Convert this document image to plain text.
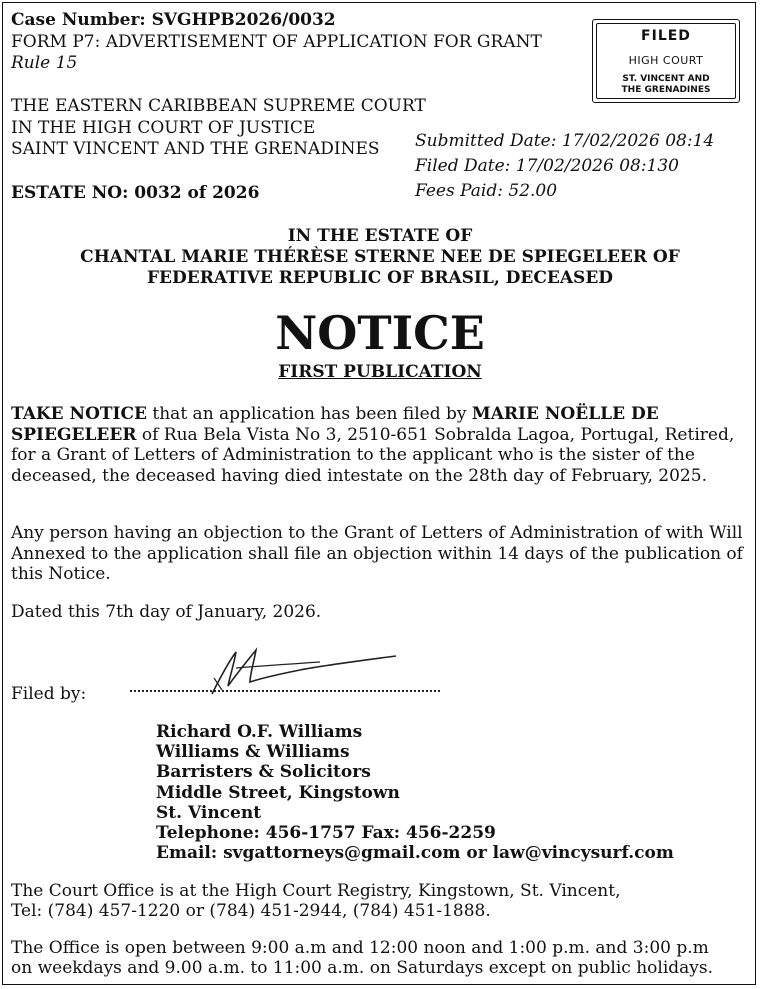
Case Number: SVGHPB2026/0032
FORM P7: ADVERTISEMENT OF APPLICATION FOR GRANT
Rule 15
FILED
HIGH COURT
ST. VINCENT AND
THE GRENADINES
THE EASTERN CARIBBEAN SUPREME COURT
IN THE HIGH COURT OF JUSTICE
SAINT VINCENT AND THE GRENADINES Submitted Date: 17/02/2026 08:14
Filed Date: 17/02/2026 08:130
Fees Paid: 52.00
ESTATE NO: 0032 of 2026
IN THE ESTATE OF
CHANTAL MARIE THÉRÈSE STERNE NEE DE SPIEGELEER OF
FEDERATIVE REPUBLIC OF BRASIL, DECEASED
NOTICE
FIRST PUBLICATION
TAKE NOTICE that an application has been filed by MARIE NOËLLE DE SPIEGELEER of Rua Bela Vista No 3, 2510-651 Sobralda Lagoa, Portugal, Retired, for a Grant of Letters of Administration to the applicant who is the sister of the deceased, the deceased having died intestate on the 28th day of February, 2025.
Any person having an objection to the Grant of Letters of Administration of with Will Annexed to the application shall file an objection within 14 days of the publication of this Notice.
Dated this 7th day of January, 2026.
Filed by:
Richard O.F. Williams
Williams & Williams
Barristers & Solicitors
Middle Street, Kingstown
St. Vincent
Telephone: 456-1757 Fax: 456-2259
Email: svgattorneys@gmail.com or law@vincysurf.com
The Court Office is at the High Court Registry, Kingstown, St. Vincent,
Tel: (784) 457-1220 or (784) 451-2944, (784) 451-1888.
The Office is open between 9:00 a.m and 12:00 noon and 1:00 p.m. and 3:00 p.m
on weekdays and 9.00 a.m. to 11:00 a.m. on Saturdays except on public holidays.
